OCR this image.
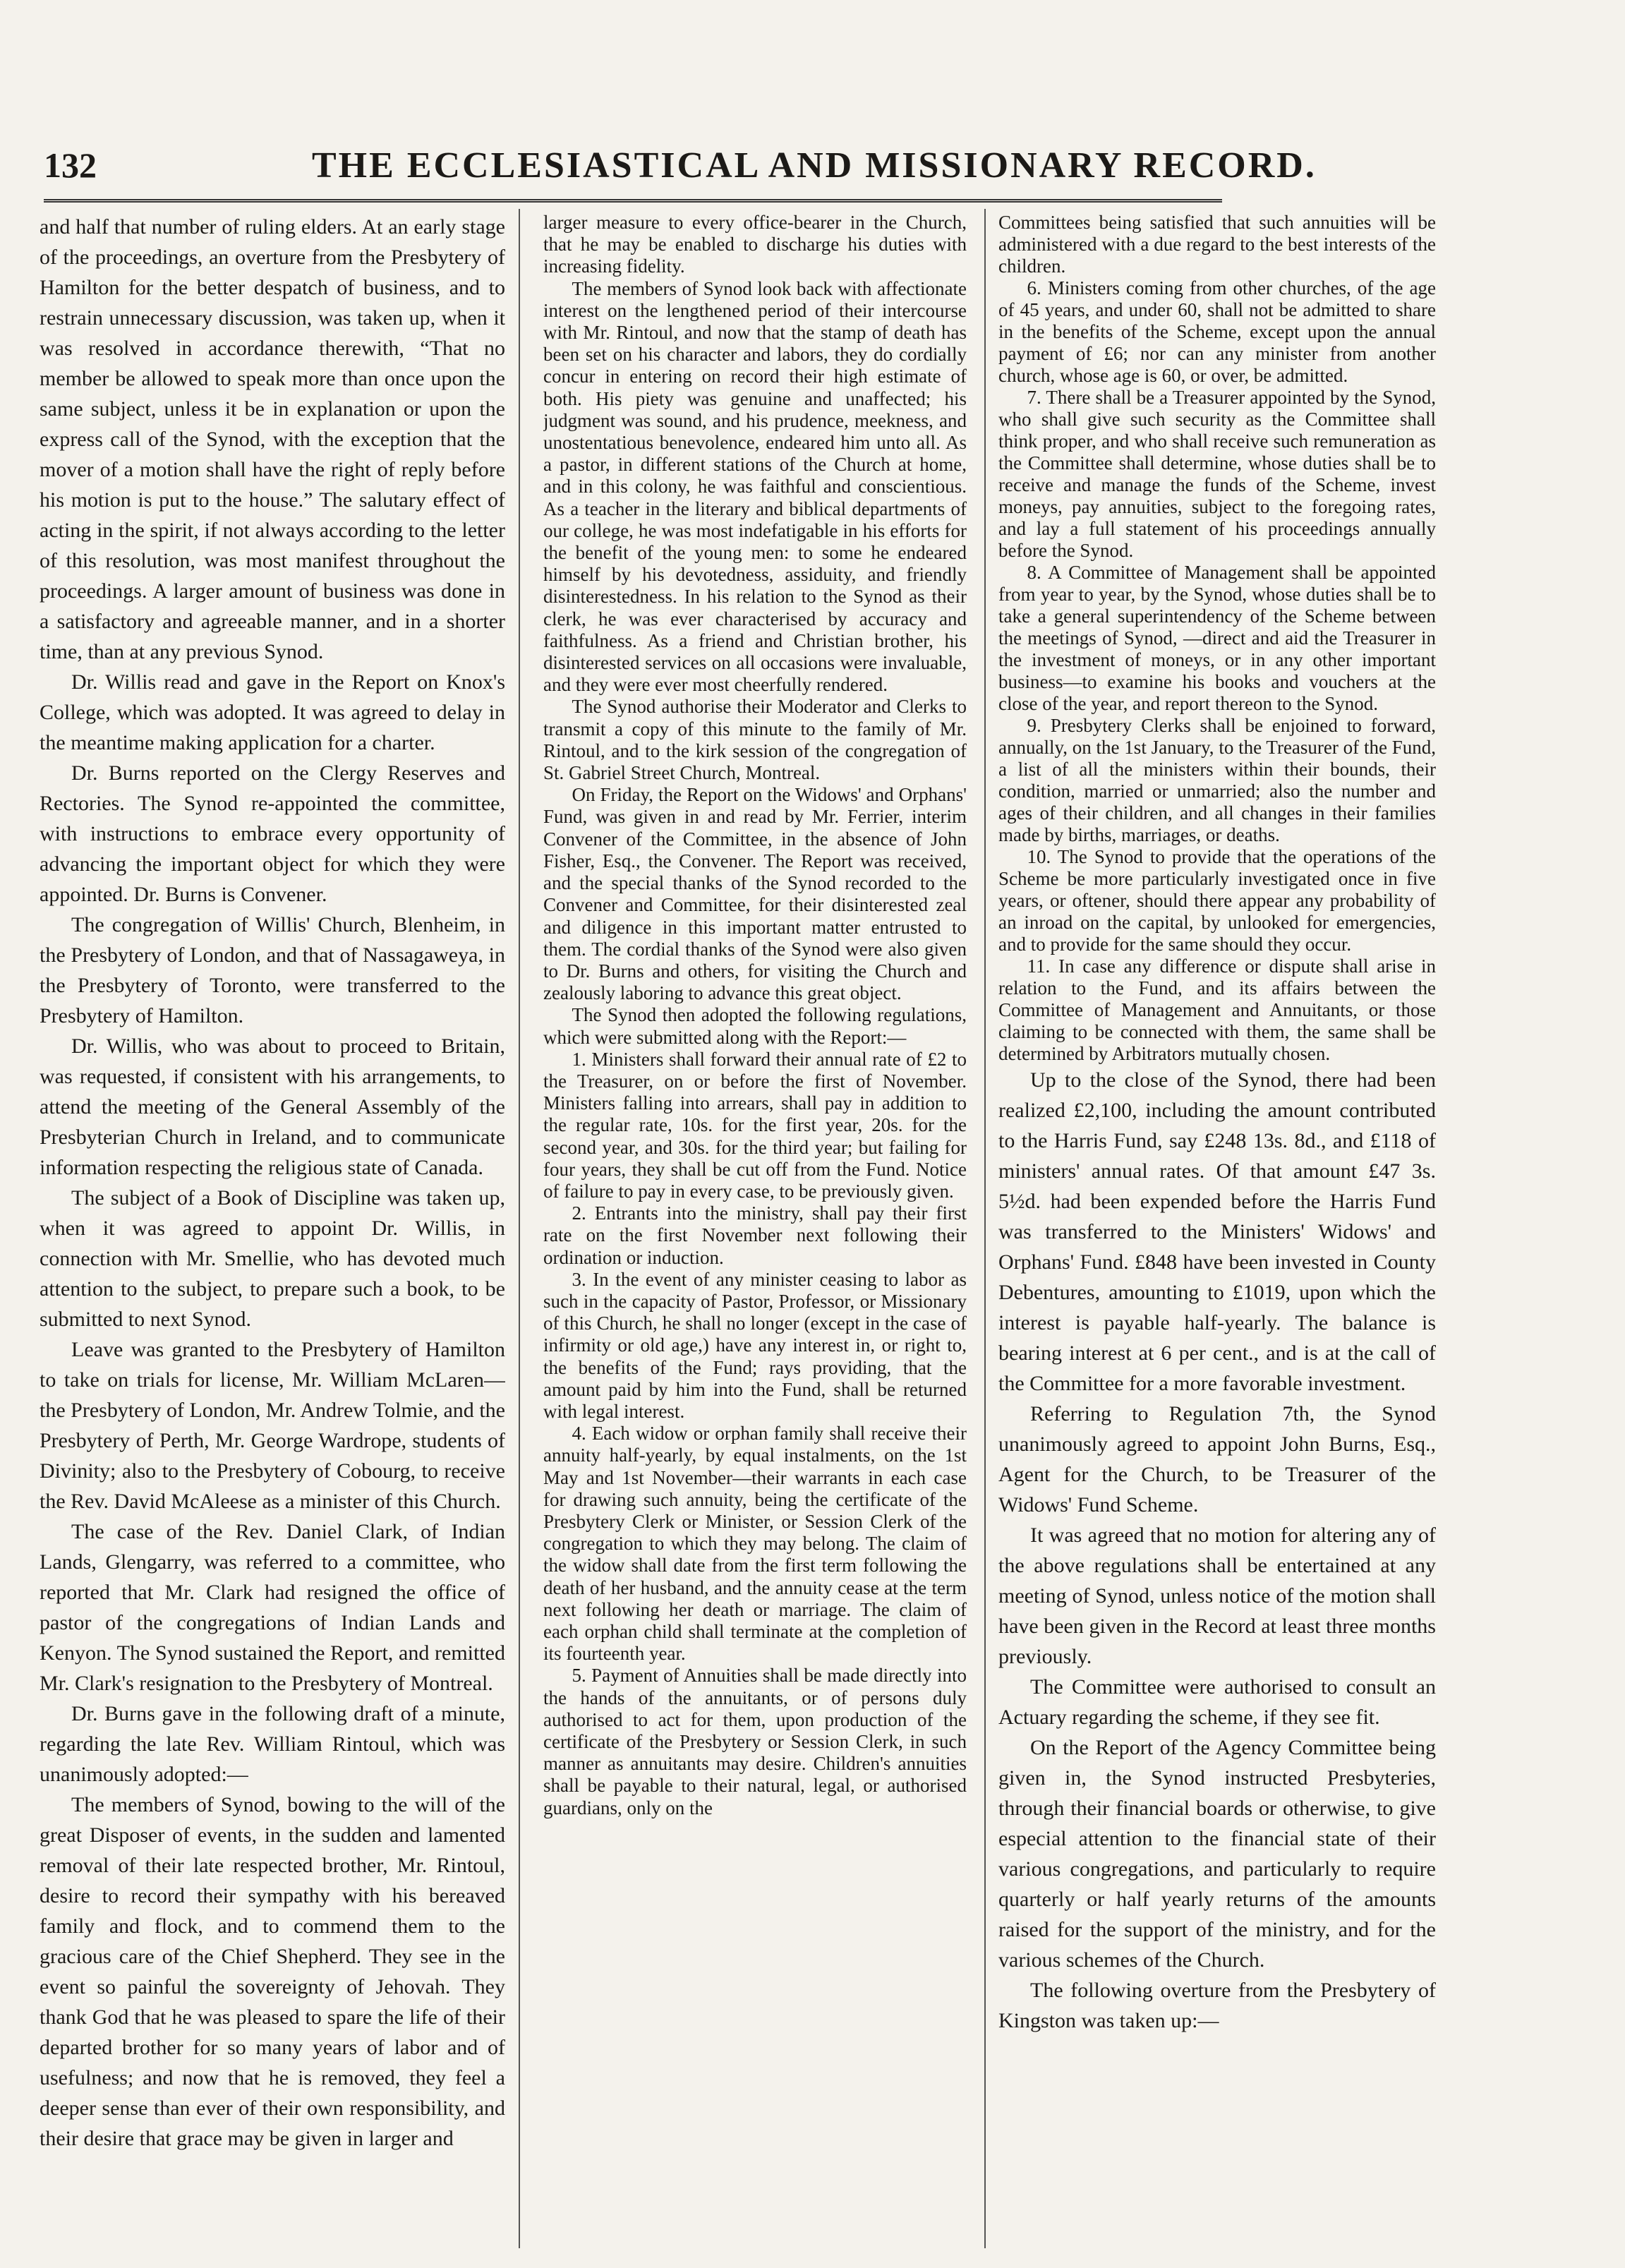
132	THE ECCLESIASTICAL AND MISSIONARY RECORD.

and half that number of ruling elders. At an early stage of the proceedings, an overture from the Presbytery of Hamilton for the better despatch of business, and to restrain unnecessary discussion, was taken up, when it was resolved in accordance therewith, “That no member be allowed to speak more than once upon the same subject, unless it be in explanation or upon the express call of the Synod, with the exception that the mover of a motion shall have the right of reply before his motion is put to the house.” The salutary effect of acting in the spirit, if not always according to the letter of this resolution, was most manifest throughout the proceedings. A larger amount of business was done in a satisfactory and agreeable manner, and in a shorter time, than at any previous Synod.

Dr. Willis read and gave in the Report on Knox's College, which was adopted. It was agreed to delay in the meantime making application for a charter.

Dr. Burns reported on the Clergy Reserves and Rectories. The Synod re-appointed the committee, with instructions to embrace every opportunity of advancing the important object for which they were appointed. Dr. Burns is Convener.

The congregation of Willis' Church, Blenheim, in the Presbytery of London, and that of Nassagaweya, in the Presbytery of Toronto, were transferred to the Presbytery of Hamilton.

Dr. Willis, who was about to proceed to Britain, was requested, if consistent with his arrangements, to attend the meeting of the General Assembly of the Presbyterian Church in Ireland, and to communicate information respecting the religious state of Canada.

The subject of a Book of Discipline was taken up, when it was agreed to appoint Dr. Willis, in connection with Mr. Smellie, who has devoted much attention to the subject, to prepare such a book, to be submitted to next Synod.

Leave was granted to the Presbytery of Hamilton to take on trials for license, Mr. William McLaren—the Presbytery of London, Mr. Andrew Tolmie, and the Presbytery of Perth, Mr. George Wardrope, students of Divinity; also to the Presbytery of Cobourg, to receive the Rev. David McAleese as a minister of this Church.

The case of the Rev. Daniel Clark, of Indian Lands, Glengarry, was referred to a committee, who reported that Mr. Clark had resigned the office of pastor of the congregations of Indian Lands and Kenyon. The Synod sustained the Report, and remitted Mr. Clark's resignation to the Presbytery of Montreal.

Dr. Burns gave in the following draft of a minute, regarding the late Rev. William Rintoul, which was unanimously adopted:—

The members of Synod, bowing to the will of the great Disposer of events, in the sudden and lamented removal of their late respected brother, Mr. Rintoul, desire to record their sympathy with his bereaved family and flock, and to commend them to the gracious care of the Chief Shepherd. They see in the event so painful the sovereignty of Jehovah. They thank God that he was pleased to spare the life of their departed brother for so many years of labor and of usefulness; and now that he is removed, they feel a deeper sense than ever of their own responsibility, and their desire that grace may be given in larger and

larger measure to every office-bearer in the Church, that he may be enabled to discharge his duties with increasing fidelity.

The members of Synod look back with affectionate interest on the lengthened period of their intercourse with Mr. Rintoul, and now that the stamp of death has been set on his character and labors, they do cordially concur in entering on record their high estimate of both. His piety was genuine and unaffected; his judgment was sound, and his prudence, meekness, and unostentatious benevolence, endeared him unto all. As a pastor, in different stations of the Church at home, and in this colony, he was faithful and conscientious. As a teacher in the literary and biblical departments of our college, he was most indefatigable in his efforts for the benefit of the young men: to some he endeared himself by his devotedness, assiduity, and friendly disinterestedness. In his relation to the Synod as their clerk, he was ever characterised by accuracy and faithfulness. As a friend and Christian brother, his disinterested services on all occasions were invaluable, and they were ever most cheerfully rendered.

The Synod authorise their Moderator and Clerks to transmit a copy of this minute to the family of Mr. Rintoul, and to the kirk session of the congregation of St. Gabriel Street Church, Montreal.

On Friday, the Report on the Widows' and Orphans' Fund, was given in and read by Mr. Ferrier, interim Convener of the Committee, in the absence of John Fisher, Esq., the Convener. The Report was received, and the special thanks of the Synod recorded to the Convener and Committee, for their disinterested zeal and diligence in this important matter entrusted to them. The cordial thanks of the Synod were also given to Dr. Burns and others, for visiting the Church and zealously laboring to advance this great object.

The Synod then adopted the following regulations, which were submitted along with the Report:—

1. Ministers shall forward their annual rate of £2 to the Treasurer, on or before the first of November. Ministers falling into arrears, shall pay in addition to the regular rate, 10s. for the first year, 20s. for the second year, and 30s. for the third year; but failing for four years, they shall be cut off from the Fund. Notice of failure to pay in every case, to be previously given.

2. Entrants into the ministry, shall pay their first rate on the first November next following their ordination or induction.

3. In the event of any minister ceasing to labor as such in the capacity of Pastor, Professor, or Missionary of this Church, he shall no longer (except in the case of infirmity or old age,) have any interest in, or right to, the benefits of the Fund; rays providing, that the amount paid by him into the Fund, shall be returned with legal interest.

4. Each widow or orphan family shall receive their annuity half-yearly, by equal instalments, on the 1st May and 1st November—their warrants in each case for drawing such annuity, being the certificate of the Presbytery Clerk or Minister, or Session Clerk of the congregation to which they may belong. The claim of the widow shall date from the first term following the death of her husband, and the annuity cease at the term next following her death or marriage. The claim of each orphan child shall terminate at the completion of its fourteenth year.

5. Payment of Annuities shall be made directly into the hands of the annuitants, or of persons duly authorised to act for them, upon production of the certificate of the Presbytery or Session Clerk, in such manner as annuitants may desire. Children's annuities shall be payable to their natural, legal, or authorised guardians, only on the

Committees being satisfied that such annuities will be administered with a due regard to the best interests of the children.

6. Ministers coming from other churches, of the age of 45 years, and under 60, shall not be admitted to share in the benefits of the Scheme, except upon the annual payment of £6; nor can any minister from another church, whose age is 60, or over, be admitted.

7. There shall be a Treasurer appointed by the Synod, who shall give such security as the Committee shall think proper, and who shall receive such remuneration as the Committee shall determine, whose duties shall be to receive and manage the funds of the Scheme, invest moneys, pay annuities, subject to the foregoing rates, and lay a full statement of his proceedings annually before the Synod.

8. A Committee of Management shall be appointed from year to year, by the Synod, whose duties shall be to take a general superintendency of the Scheme between the meetings of Synod, —direct and aid the Treasurer in the investment of moneys, or in any other important business—to examine his books and vouchers at the close of the year, and report thereon to the Synod.

9. Presbytery Clerks shall be enjoined to forward, annually, on the 1st January, to the Treasurer of the Fund, a list of all the ministers within their bounds, their condition, married or unmarried; also the number and ages of their children, and all changes in their families made by births, marriages, or deaths.

10. The Synod to provide that the operations of the Scheme be more particularly investigated once in five years, or oftener, should there appear any probability of an inroad on the capital, by unlooked for emergencies, and to provide for the same should they occur.

11. In case any difference or dispute shall arise in relation to the Fund, and its affairs between the Committee of Management and Annuitants, or those claiming to be connected with them, the same shall be determined by Arbitrators mutually chosen.

Up to the close of the Synod, there had been realized £2,100, including the amount contributed to the Harris Fund, say £248 13s. 8d., and £118 of ministers' annual rates. Of that amount £47 3s. 5½d. had been expended before the Harris Fund was transferred to the Ministers' Widows' and Orphans' Fund. £848 have been invested in County Debentures, amounting to £1019, upon which the interest is payable half-yearly. The balance is bearing interest at 6 per cent., and is at the call of the Committee for a more favorable investment.

Referring to Regulation 7th, the Synod unanimously agreed to appoint John Burns, Esq., Agent for the Church, to be Treasurer of the Widows' Fund Scheme.

It was agreed that no motion for altering any of the above regulations shall be entertained at any meeting of Synod, unless notice of the motion shall have been given in the Record at least three months previously.

The Committee were authorised to consult an Actuary regarding the scheme, if they see fit.

On the Report of the Agency Committee being given in, the Synod instructed Presbyteries, through their financial boards or otherwise, to give especial attention to the financial state of their various congregations, and particularly to require quarterly or half yearly returns of the amounts raised for the support of the ministry, and for the various schemes of the Church.

The following overture from the Presbytery of Kingston was taken up:—
